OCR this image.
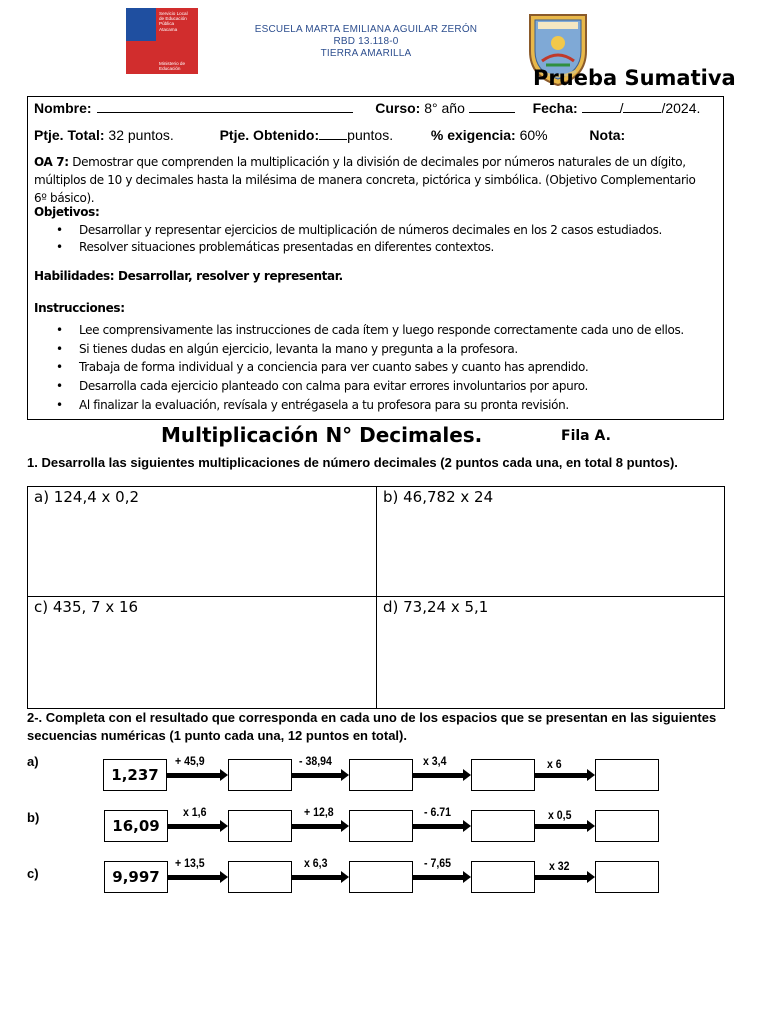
Servicio Local
de Educación
Pública
Atacama
Ministerio de
Educación
ESCUELA MARTA EMILIANA AGUILAR ZERÓN
RBD 13.118-0
TIERRA AMARILLA
Prueba Sumativa
Nombre:	Curso: 8° año	Fecha:	/	/2024.
Ptje. Total: 32 puntos.	Ptje. Obtenido: puntos.	% exigencia: 60%	Nota:
OA 7: Demostrar que comprenden la multiplicación y la división de decimales por números naturales de un dígito, múltiplos de 10 y decimales hasta la milésima de manera concreta, pictórica y simbólica. (Objetivo Complementario 6º básico).
Objetivos:
• Desarrollar y representar ejercicios de multiplicación de números decimales en los 2 casos estudiados.
• Resolver situaciones problemáticas presentadas en diferentes contextos.
Habilidades: Desarrollar, resolver y representar.
Instrucciones:
• Lee comprensivamente las instrucciones de cada ítem y luego responde correctamente cada uno de ellos.
• Si tienes dudas en algún ejercicio, levanta la mano y pregunta a la profesora.
• Trabaja de forma individual y a conciencia para ver cuanto sabes y cuanto has aprendido.
• Desarrolla cada ejercicio planteado con calma para evitar errores involuntarios por apuro.
• Al finalizar la evaluación, revísala y entrégasela a tu profesora para su pronta revisión.
Multiplicación N° Decimales.	Fila A.
1. Desarrolla las siguientes multiplicaciones de número decimales (2 puntos cada una, en total 8 puntos).
a) 124,4 x 0,2	b) 46,782 x 24
c) 435, 7 x 16	d) 73,24 x 5,1
2-. Completa con el resultado que corresponda en cada uno de los espacios que se presentan en las siguientes secuencias numéricas (1 punto cada una, 12 puntos en total).
a)
1,237
+ 45,9	- 38,94	x 3,4	x 6
b)	16,09
x 1,6	+ 12,8	- 6.71	x 0,5
c)	9,997
+ 13,5	x 6,3	- 7,65	x 32
